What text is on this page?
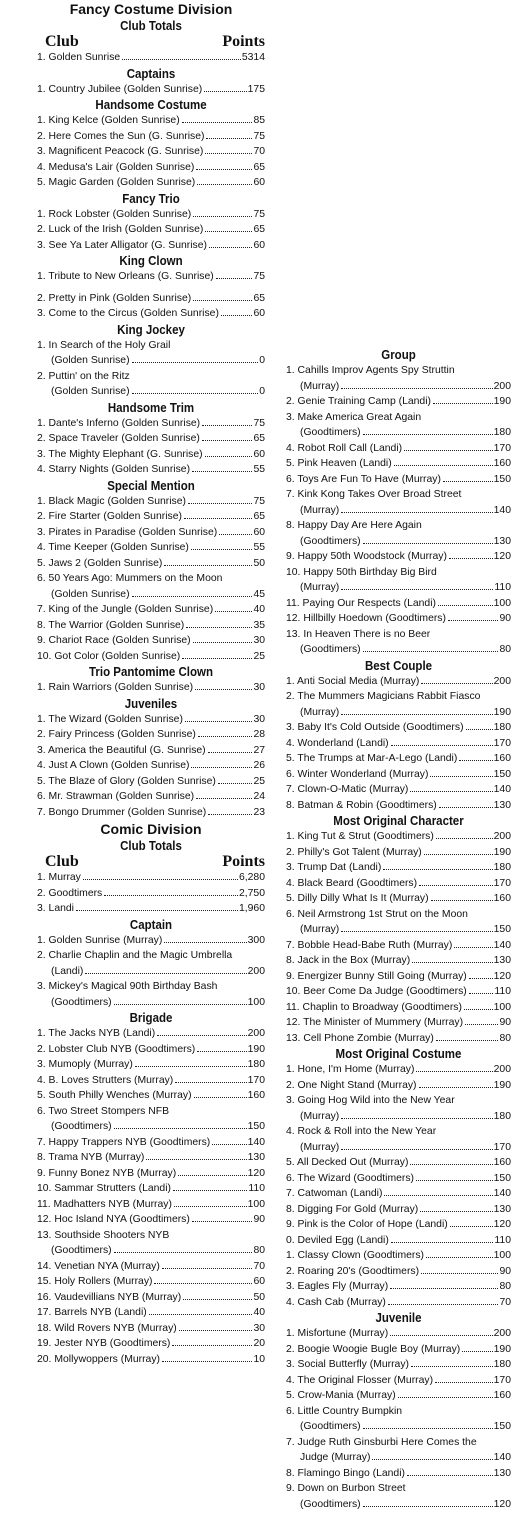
Fancy Costume Division
Club Totals
Club	Points
1. Golden Sunrise	5314
Captains
1. Country Jubilee (Golden Sunrise)	175
Handsome Costume
1. King Kelce (Golden Sunrise)	85
2. Here Comes the Sun (G. Sunrise)	75
3. Magnificent Peacock (G. Sunrise)	70
4. Medusa's Lair (Golden Sunrise)	65
5. Magic Garden (Golden Sunrise)	60
Fancy Trio
1. Rock Lobster (Golden Sunrise)	75
2. Luck of the Irish (Golden Sunrise)	65
3. See Ya Later Alligator (G. Sunrise)	60
King Clown
1. Tribute to New Orleans (G. Sunrise)	75
2. Pretty in Pink (Golden Sunrise)	65
3. Come to the Circus (Golden Sunrise)	60
King Jockey
1. In Search of the Holy Grail
(Golden Sunrise)	0
2. Puttin' on the Ritz
(Golden Sunrise)	0
Handsome Trim
1. Dante's Inferno (Golden Sunrise)	75
2. Space Traveler (Golden Sunrise)	65
3. The Mighty Elephant (G. Sunrise)	60
4. Starry Nights (Golden Sunrise)	55
Special Mention
1. Black Magic (Golden Sunrise)	75
2. Fire Starter (Golden Sunrise)	65
3. Pirates in Paradise (Golden Sunrise)	60
4. Time Keeper (Golden Sunrise)	55
5. Jaws 2 (Golden Sunrise)	50
6. 50 Years Ago: Mummers on the Moon
(Golden Sunrise)	45
7. King of the Jungle (Golden Sunrise)	40
8. The Warrior (Golden Sunrise)	35
9. Chariot Race (Golden Sunrise)	30
10. Got Color (Golden Sunrise)	25
Trio Pantomime Clown
1. Rain Warriors (Golden Sunrise)	30
Juveniles
1. The Wizard (Golden Sunrise)	30
2. Fairy Princess (Golden Sunrise)	28
3. America the Beautiful (G. Sunrise)	27
4. Just A Clown (Golden Sunrise)	26
5. The Blaze of Glory (Golden Sunrise)	25
6. Mr. Strawman (Golden Sunrise)	24
7. Bongo Drummer (Golden Sunrise)	23
Comic Division
Club Totals
Club	Points
1. Murray	6,280
2. Goodtimers	2,750
3. Landi	1,960
Captain
1. Golden Sunrise (Murray)	300
2. Charlie Chaplin and the Magic Umbrella
(Landi)	200
3. Mickey's Magical 90th Birthday Bash
(Goodtimers)	100
Brigade
1. The Jacks NYB (Landi)	200
2. Lobster Club NYB (Goodtimers)	190
3. Mumoply (Murray)	180
4. B. Loves Strutters (Murray)	170
5. South Philly Wenches (Murray)	160
6. Two Street Stompers NFB
(Goodtimers)	150
7. Happy Trappers NYB (Goodtimers)	140
8. Trama NYB (Murray)	130
9. Funny Bonez NYB (Murray)	120
10. Sammar Strutters (Landi)	110
11. Madhatters NYB (Murray)	100
12. Hoc Island NYA (Goodtimers)	90
13. Southside Shooters NYB
(Goodtimers)	80
14. Venetian NYA (Murray)	70
15. Holy Rollers (Murray)	60
16. Vaudevillians NYB (Murray)	50
17. Barrels NYB (Landi)	40
18. Wild Rovers NYB (Murray)	30
19. Jester NYB (Goodtimers)	20
20. Mollywoppers (Murray)	10
Group
1. Cahills Improv Agents Spy Struttin
(Murray)	200
2. Genie Training Camp (Landi)	190
3. Make America Great Again
(Goodtimers)	180
4. Robot Roll Call (Landi)	170
5. Pink Heaven (Landi)	160
6. Toys Are Fun To Have (Murray)	150
7. Kink Kong Takes Over Broad Street
(Murray)	140
8. Happy Day Are Here Again
(Goodtimers)	130
9. Happy 50th Woodstock (Murray)	120
10. Happy 50th Birthday Big Bird
(Murray)	110
11. Paying Our Respects (Landi)	100
12. Hillbilly Hoedown (Goodtimers)	90
13. In Heaven There is no Beer
(Goodtimers)	80
Best Couple
1. Anti Social Media (Murray)	200
2. The Mummers Magicians Rabbit Fiasco
(Murray)	190
3. Baby It's Cold Outside (Goodtimers)	180
4. Wonderland (Landi)	170
5. The Trumps at Mar-A-Lego (Landi)	160
6. Winter Wonderland (Murray)	150
7. Clown-O-Matic (Murray)	140
8. Batman & Robin (Goodtimers)	130
Most Original Character
1. King Tut & Strut (Goodtimers)	200
2. Philly's Got Talent (Murray)	190
3. Trump Dat (Landi)	180
4. Black Beard (Goodtimers)	170
5. Dilly Dilly What Is It (Murray)	160
6. Neil Armstrong 1st Strut on the Moon
(Murray)	150
7. Bobble Head-Babe Ruth (Murray)	140
8. Jack in the Box (Murray)	130
9. Energizer Bunny Still Going (Murray)	120
10. Beer Come Da Judge (Goodtimers)	110
11. Chaplin to Broadway (Goodtimers)	100
12. The Minister of Mummery (Murray)	90
13. Cell Phone Zombie (Murray)	80
Most Original Costume
1. Hone, I'm Home (Murray)	200
2. One Night Stand (Murray)	190
3. Going Hog Wild into the New Year
(Murray)	180
4. Rock & Roll into the New Year
(Murray)	170
5. All Decked Out (Murray)	160
6. The Wizard (Goodtimers)	150
7. Catwoman (Landi)	140
8. Digging For Gold (Murray)	130
9. Pink is the Color of Hope (Landi)	120
0. Deviled Egg (Landi)	110
1. Classy Clown (Goodtimers)	100
2. Roaring 20's (Goodtimers)	90
3. Eagles Fly (Murray)	80
4. Cash Cab (Murray)	70
Juvenile
1. Misfortune (Murray)	200
2. Boogie Woogie Bugle Boy (Murray)	190
3. Social Butterfly (Murray)	180
4. The Original Flosser (Murray)	170
5. Crow-Mania (Murray)	160
6. Little Country Bumpkin
(Goodtimers)	150
7. Judge Ruth Ginsburbi Here Comes the
Judge (Murray)	140
8. Flamingo Bingo (Landi)	130
9. Down on Burbon Street
(Goodtimers)	120
